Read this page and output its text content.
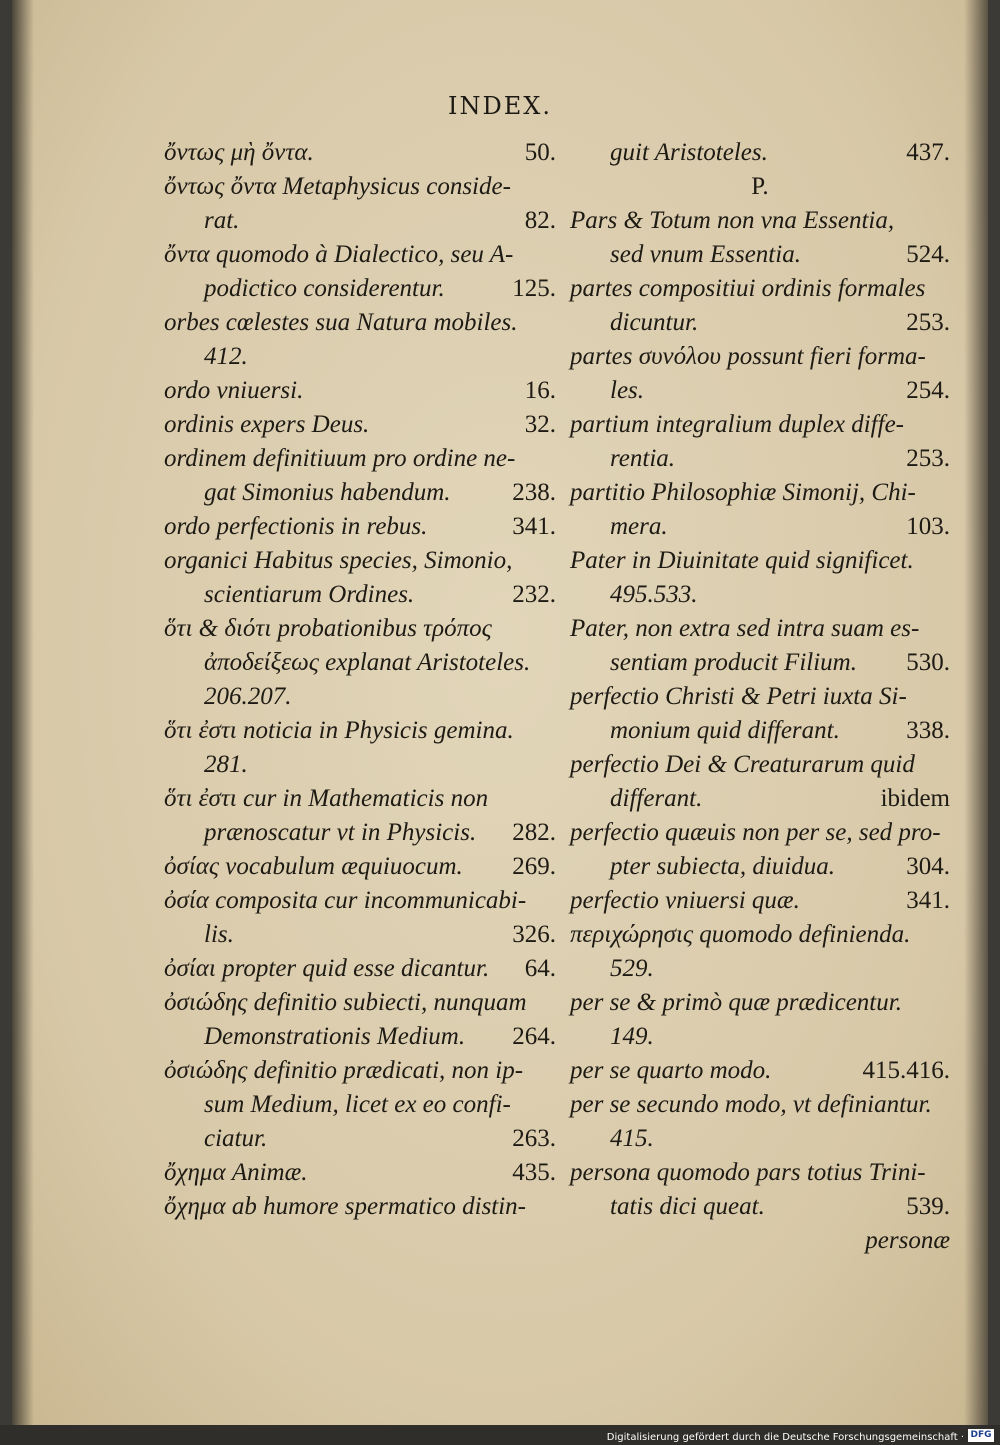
INDEX.
ὄντως μὴ ὄντα.	50.
ὄντως ὄντα Metaphysicus conside-
rat.	82.
ὄντα quomodo à Dialectico, seu A-
podictico considerentur.	125.
orbes cœlestes sua Natura mobiles.
412.
ordo vniuersi.	16.
ordinis expers Deus.	32.
ordinem definitiuum pro ordine ne-
gat Simonius habendum. 238.
ordo perfectionis in rebus.	341.
organici Habitus species, Simonio,
scientiarum Ordines.	232.
ὅτι & διότι probationibus τρόπος
ἀποδείξεως explanat Aristoteles.
206.207.
ὅτι ἐστι noticia in Physicis gemina.
281.
ὅτι ἐστι cur in Mathematicis non
prænoscatur vt in Physicis. 282.
ὀσίας vocabulum æquiuocum. 269.
ὀσία composita cur incommunicabi-
lis.	326.
ὀσίαι propter quid esse dicantur. 64.
ὀσιώδης definitio subiecti, nunquam
Demonstrationis Medium. 264.
ὀσιώδης definitio prædicati, non ip-
sum Medium, licet ex eo confi-
ciatur.	263.
ὄχημα Animæ.	435.
ὄχημα ab humore spermatico distin-
guit Aristoteles.	437.
P.
Pars & Totum non vna Essentia,
sed vnum Essentia.	524.
partes compositiui ordinis formales
dicuntur.	253.
partes συνόλου possunt fieri forma-
les.	254.
partium integralium duplex diffe-
rentia.	253.
partitio Philosophiæ Simonij, Chi-
mera.	103.
Pater in Diuinitate quid significet.
495.533.
Pater, non extra sed intra suam es-
sentiam producit Filium. 530.
perfectio Christi & Petri iuxta Si-
monium quid differant.	338.
perfectio Dei & Creaturarum quid
differant.	ibidem
perfectio quæuis non per se, sed pro-
pter subiecta, diuidua.	304.
perfectio vniuersi quæ.	341.
περιχώρησις quomodo definienda.
529.
per se & primò quæ prædicentur.
149.
per se quarto modo.	415.416.
per se secundo modo, vt definiantur.
415.
persona quomodo pars totius Trini-
tatis dici queat.	539.
personæ
Digitalisierung gefördert durch die Deutsche Forschungsgemeinschaft · DFG
